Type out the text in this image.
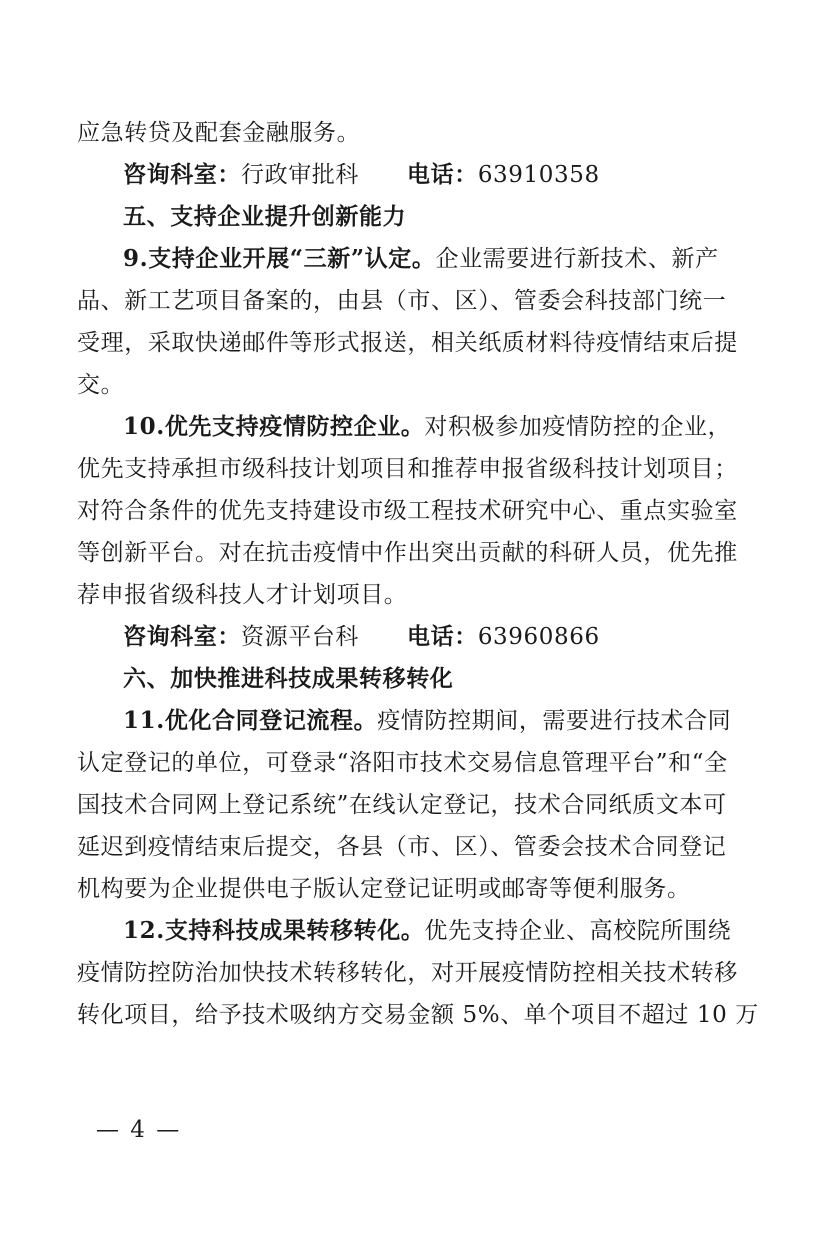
应急转贷及配套金融服务。

咨询科室：行政审批科 电话：63910358

五、支持企业提升创新能力

9.支持企业开展“三新”认定。企业需要进行新技术、新产

品、新工艺项目备案的，由县（市、区）、管委会科技部门统一

受理，采取快递邮件等形式报送，相关纸质材料待疫情结束后提

交。

10.优先支持疫情防控企业。对积极参加疫情防控的企业，

优先支持承担市级科技计划项目和推荐申报省级科技计划项目；

对符合条件的优先支持建设市级工程技术研究中心、重点实验室

等创新平台。对在抗击疫情中作出突出贡献的科研人员，优先推

荐申报省级科技人才计划项目。

咨询科室：资源平台科 电话：63960866

六、加快推进科技成果转移转化

11.优化合同登记流程。疫情防控期间，需要进行技术合同

认定登记的单位，可登录“洛阳市技术交易信息管理平台”和“全

国技术合同网上登记系统”在线认定登记，技术合同纸质文本可

延迟到疫情结束后提交，各县（市、区）、管委会技术合同登记

机构要为企业提供电子版认定登记证明或邮寄等便利服务。

12.支持科技成果转移转化。优先支持企业、高校院所围绕

疫情防控防治加快技术转移转化，对开展疫情防控相关技术转移

转化项目，给予技术吸纳方交易金额 5%、单个项目不超过 10 万

— 4 —
